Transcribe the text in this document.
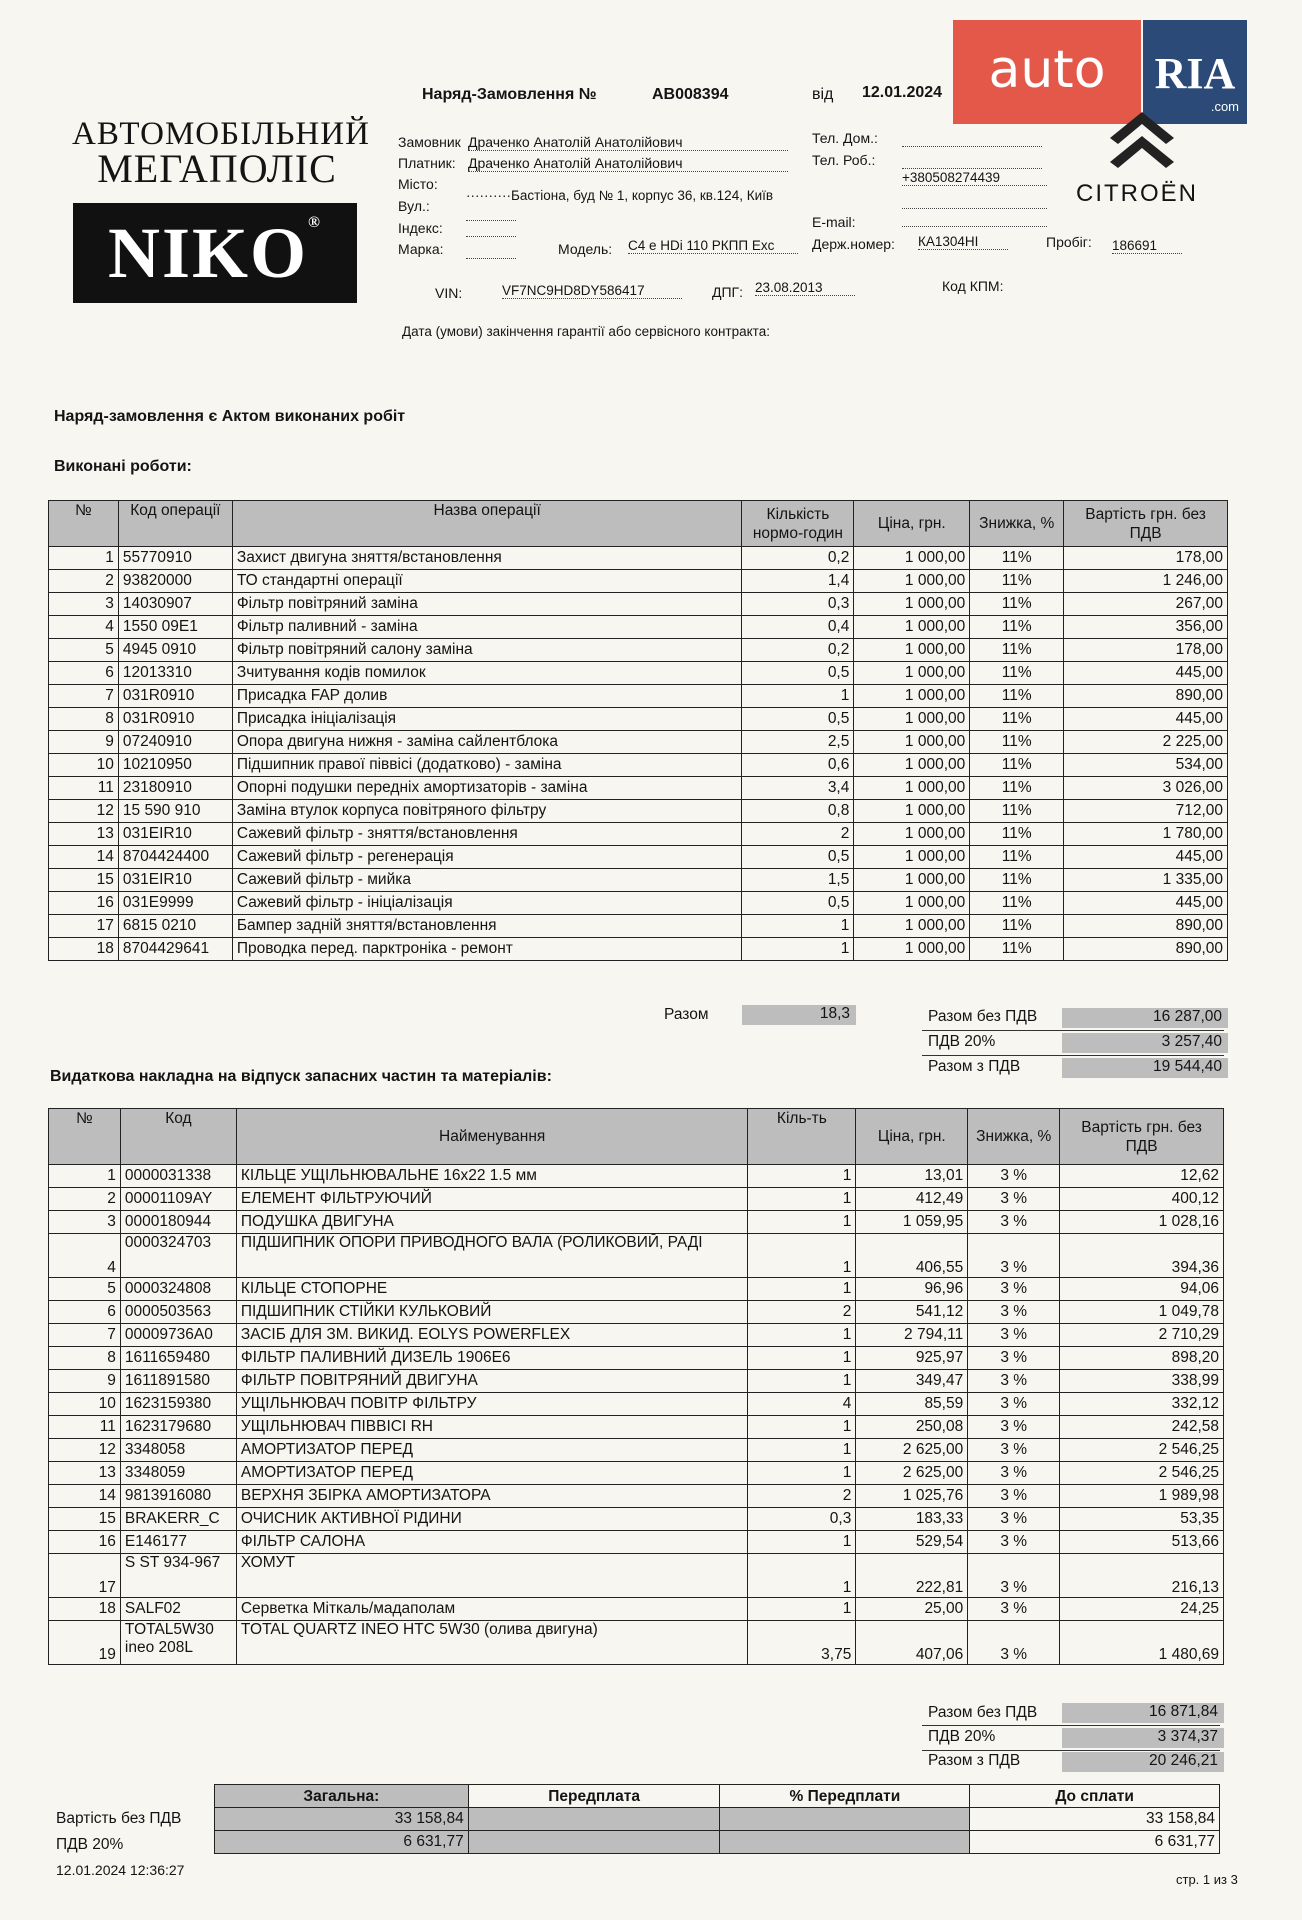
АВТОМОБІЛЬНИЙ
МЕГАПОЛІС
NIKO®
auto	RIA
.com
CITROËN
Наряд-Замовлення №	АВ008394	від 12.01.2024
Замовник Драченко Анатолій Анатолійович
Платник: Драченко Анатолій Анатолійович
Місто:
Вул.:
··········Бастіона, буд № 1, корпус 36, кв.124, Київ
Індекс:
Марка:	Модель: C4 e HDi 110 РКПП Exc
VIN:	VF7NC9HD8DY586417	ДПГ: 23.08.2013
Тел. Дом.:
Тел. Роб.:
+380508274439
E-mail:
Держ.номер: КА1304НІ	Пробіг: 186691
Код КПМ:
Дата (умови) закінчення гарантії або сервісного контракта:
Наряд-замовлення є Актом виконаних робіт
Виконані роботи:
№	Код операції	Назва операції	Кількість нормо-годин	Ціна, грн.	Знижка, %	Вартість грн. без ПДВ
1	55770910	Захист двигуна зняття/встановлення	0,2	1 000,00	11%	178,00
2	93820000	ТО стандартні операції	1,4	1 000,00	11%	1 246,00
3	14030907	Фільтр повітряний заміна	0,3	1 000,00	11%	267,00
4	1550 09E1	Фільтр паливний - заміна	0,4	1 000,00	11%	356,00
5	4945 0910	Фільтр повітряний салону заміна	0,2	1 000,00	11%	178,00
6	12013310	Зчитування кодів помилок	0,5	1 000,00	11%	445,00
7	031R0910	Присадка FAP долив	1	1 000,00	11%	890,00
8	031R0910	Присадка ініціалізація	0,5	1 000,00	11%	445,00
9	07240910	Опора двигуна нижня - заміна сайлентблока	2,5	1 000,00	11%	2 225,00
10	10210950	Підшипник правої піввісі (додатково) - заміна	0,6	1 000,00	11%	534,00
11	23180910	Опорні подушки передніх амортизаторів - заміна	3,4	1 000,00	11%	3 026,00
12	15 590 910	Заміна втулок корпуса повітряного фільтру	0,8	1 000,00	11%	712,00
13	031EIR10	Сажевий фільтр - зняття/встановлення	2	1 000,00	11%	1 780,00
14	8704424400	Сажевий фільтр - регенерація	0,5	1 000,00	11%	445,00
15	031EIR10	Сажевий фільтр - мийка	1,5	1 000,00	11%	1 335,00
16	031E9999	Сажевий фільтр - ініціалізація	0,5	1 000,00	11%	445,00
17	6815 0210	Бампер задній зняття/встановлення	1	1 000,00	11%	890,00
18	8704429641	Проводка перед. парктроніка - ремонт	1	1 000,00	11%	890,00
Разом	18,3	Разом без ПДВ	16 287,00
ПДВ 20%	3 257,40
Разом з ПДВ	19 544,40
Видаткова накладна на відпуск запасних частин та матеріалів:
№	Код	Найменування	Кіль-ть	Ціна, грн.	Знижка, %	Вартість грн. без ПДВ
1	0000031338	КІЛЬЦЕ УЩІЛЬНЮВАЛЬНЕ 16x22 1.5 мм	1	13,01	3 %	12,62
2	00001109AY	ЕЛЕМЕНТ ФІЛЬТРУЮЧИЙ	1	412,49	3 %	400,12
3	0000180944	ПОДУШКА ДВИГУНА	1	1 059,95	3 %	1 028,16
4	0000324703	ПІДШИПНИК ОПОРИ ПРИВОДНОГО ВАЛА (РОЛИКОВИЙ, РАДІ	1	406,55	3 %	394,36
5	0000324808	КІЛЬЦЕ СТОПОРНЕ	1	96,96	3 %	94,06
6	0000503563	ПІДШИПНИК СТІЙКИ КУЛЬКОВИЙ	2	541,12	3 %	1 049,78
7	00009736A0	ЗАСІБ ДЛЯ ЗМ. ВИКИД. EOLYS POWERFLEX	1	2 794,11	3 %	2 710,29
8	1611659480	ФІЛЬТР ПАЛИВНИЙ ДИЗЕЛЬ 1906Е6	1	925,97	3 %	898,20
9	1611891580	ФІЛЬТР ПОВІТРЯНИЙ ДВИГУНА	1	349,47	3 %	338,99
10	1623159380	УЩІЛЬНЮВАЧ ПОВІТР ФІЛЬТРУ	4	85,59	3 %	332,12
11	1623179680	УЩІЛЬНЮВАЧ ПІВВІСІ RH	1	250,08	3 %	242,58
12	3348058	АМОРТИЗАТОР ПЕРЕД	1	2 625,00	3 %	2 546,25
13	3348059	АМОРТИЗАТОР ПЕРЕД	1	2 625,00	3 %	2 546,25
14	9813916080	ВЕРХНЯ ЗБІРКА АМОРТИЗАТОРА	2	1 025,76	3 %	1 989,98
15	BRAKERR_C	ОЧИСНИК АКТИВНОЇ РІДИНИ	0,3	183,33	3 %	53,35
16	E146177	ФІЛЬТР САЛОНА	1	529,54	3 %	513,66
17	S ST 934-967	ХОМУТ	1	222,81	3 %	216,13
18	SALF02	Серветка Міткаль/мадаполам	1	25,00	3 %	24,25
19	TOTAL5W30 ineo 208L	TOTAL QUARTZ INEO HTC 5W30 (олива двигуна)	3,75	407,06	3 %	1 480,69
Разом без ПДВ	16 871,84
ПДВ 20%	3 374,37
Разом з ПДВ	20 246,21
Вартість без ПДВ
ПДВ 20%
Загальна:	Передплата	% Передплати	До сплати
33 158,84			33 158,84
6 631,77			6 631,77
12.01.2024 12:36:27
стр. 1 из 3
